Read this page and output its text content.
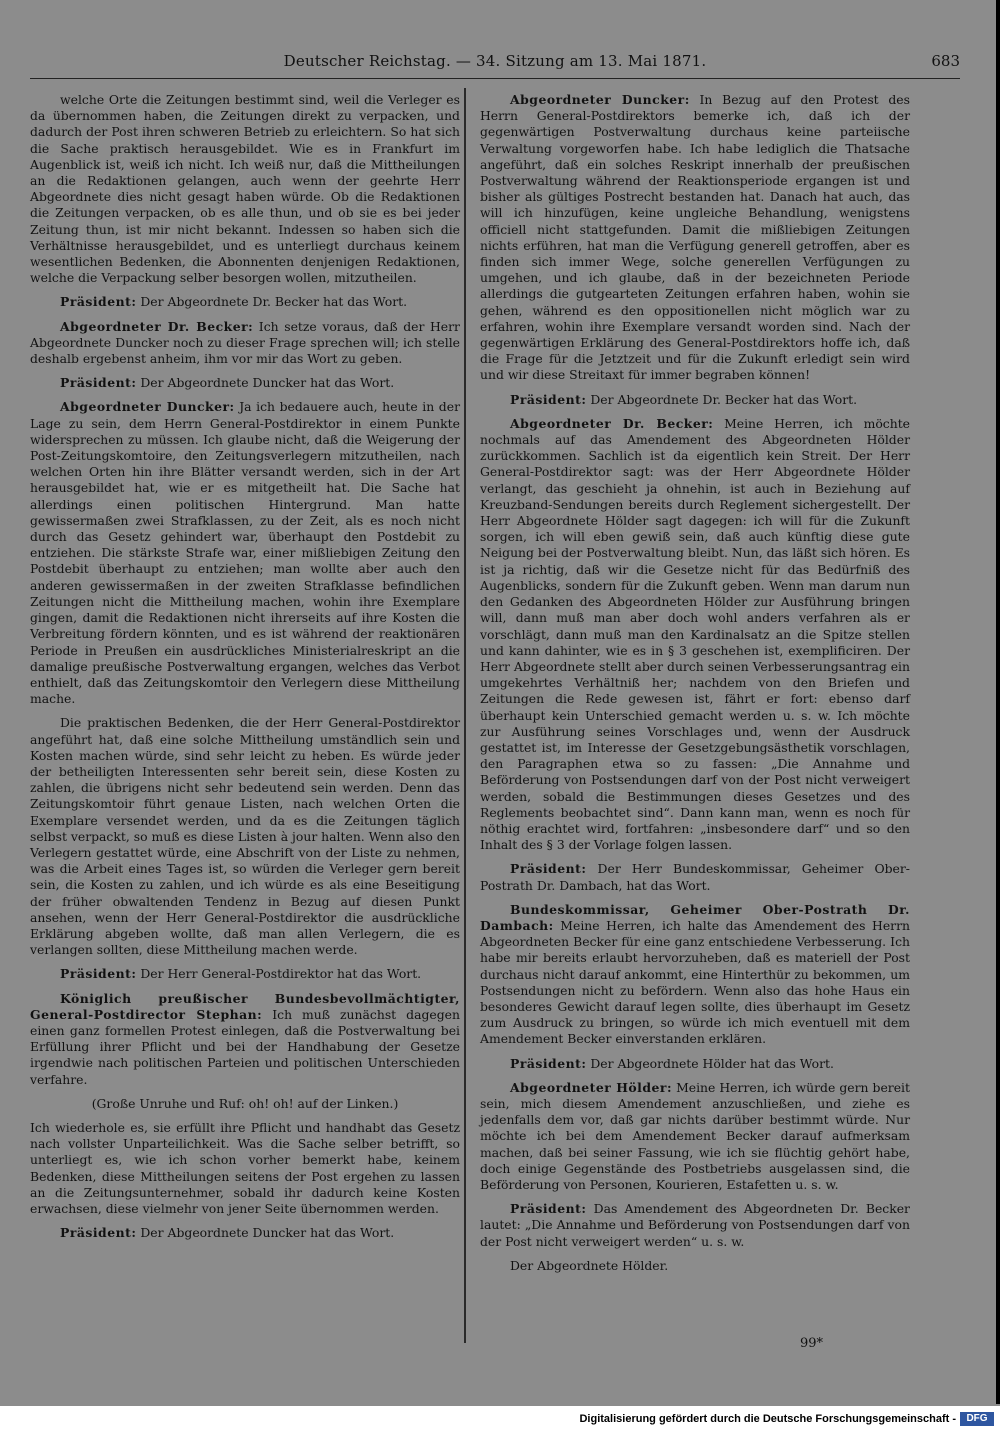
Deutscher Reichstag. — 34. Sitzung am 13. Mai 1871.	683

welche Orte die Zeitungen bestimmt sind, weil die Verleger es da übernommen haben, die Zeitungen direkt zu verpacken, und dadurch der Post ihren schweren Betrieb zu erleichtern. So hat sich die Sache praktisch herausgebildet. Wie es in Frankfurt im Augenblick ist, weiß ich nicht. Ich weiß nur, daß die Mittheilungen an die Redaktionen gelangen, auch wenn der geehrte Herr Abgeordnete dies nicht gesagt haben würde. Ob die Redaktionen die Zeitungen verpacken, ob es alle thun, und ob sie es bei jeder Zeitung thun, ist mir nicht bekannt. Indessen so haben sich die Verhältnisse herausgebildet, und es unterliegt durchaus keinem wesentlichen Bedenken, die Abonnenten denjenigen Redaktionen, welche die Verpackung selber besorgen wollen, mitzutheilen.

Präsident: Der Abgeordnete Dr. Becker hat das Wort.

Abgeordneter Dr. Becker: Ich setze voraus, daß der Herr Abgeordnete Duncker noch zu dieser Frage sprechen will; ich stelle deshalb ergebenst anheim, ihm vor mir das Wort zu geben.

Präsident: Der Abgeordnete Duncker hat das Wort.

Abgeordneter Duncker: Ja ich bedauere auch, heute in der Lage zu sein, dem Herrn General-Postdirektor in einem Punkte widersprechen zu müssen. Ich glaube nicht, daß die Weigerung der Post-Zeitungskomtoire, den Zeitungsverlegern mitzutheilen, nach welchen Orten hin ihre Blätter versandt werden, sich in der Art herausgebildet hat, wie er es mitgetheilt hat. Die Sache hat allerdings einen politischen Hintergrund. Man hatte gewissermaßen zwei Strafklassen, zu der Zeit, als es noch nicht durch das Gesetz gehindert war, überhaupt den Postdebit zu entziehen. Die stärkste Strafe war, einer mißliebigen Zeitung den Postdebit überhaupt zu entziehen; man wollte aber auch den anderen gewissermaßen in der zweiten Strafklasse befindlichen Zeitungen nicht die Mittheilung machen, wohin ihre Exemplare gingen, damit die Redaktionen nicht ihrerseits auf ihre Kosten die Verbreitung fördern könnten, und es ist während der reaktionären Periode in Preußen ein ausdrückliches Ministerialreskript an die damalige preußische Postverwaltung ergangen, welches das Verbot enthielt, daß das Zeitungskomtoir den Verlegern diese Mittheilung mache.

Die praktischen Bedenken, die der Herr General-Postdirektor angeführt hat, daß eine solche Mittheilung umständlich sein und Kosten machen würde, sind sehr leicht zu heben. Es würde jeder der betheiligten Interessenten sehr bereit sein, diese Kosten zu zahlen, die übrigens nicht sehr bedeutend sein werden. Denn das Zeitungskomtoir führt genaue Listen, nach welchen Orten die Exemplare versendet werden, und da es die Zeitungen täglich selbst verpackt, so muß es diese Listen à jour halten. Wenn also den Verlegern gestattet würde, eine Abschrift von der Liste zu nehmen, was die Arbeit eines Tages ist, so würden die Verleger gern bereit sein, die Kosten zu zahlen, und ich würde es als eine Beseitigung der früher obwaltenden Tendenz in Bezug auf diesen Punkt ansehen, wenn der Herr General-Postdirektor die ausdrückliche Erklärung abgeben wollte, daß man allen Verlegern, die es verlangen sollten, diese Mittheilung machen werde.

Präsident: Der Herr General-Postdirektor hat das Wort.

Königlich preußischer Bundesbevollmächtigter, General-Postdirector Stephan: Ich muß zunächst dagegen einen ganz formellen Protest einlegen, daß die Postverwaltung bei Erfüllung ihrer Pflicht und bei der Handhabung der Gesetze irgendwie nach politischen Parteien und politischen Unterschieden verfahre.

(Große Unruhe und Ruf: oh! oh! auf der Linken.)

Ich wiederhole es, sie erfüllt ihre Pflicht und handhabt das Gesetz nach vollster Unparteilichkeit. Was die Sache selber betrifft, so unterliegt es, wie ich schon vorher bemerkt habe, keinem Bedenken, diese Mittheilungen seitens der Post ergehen zu lassen an die Zeitungsunternehmer, sobald ihr dadurch keine Kosten erwachsen, diese vielmehr von jener Seite übernommen werden.

Präsident: Der Abgeordnete Duncker hat das Wort.

Abgeordneter Duncker: In Bezug auf den Protest des Herrn General-Postdirektors bemerke ich, daß ich der gegenwärtigen Postverwaltung durchaus keine parteiische Verwaltung vorgeworfen habe. Ich habe lediglich die Thatsache angeführt, daß ein solches Reskript innerhalb der preußischen Postverwaltung während der Reaktionsperiode ergangen ist und bisher als gültiges Postrecht bestanden hat. Danach hat auch, das will ich hinzufügen, keine ungleiche Behandlung, wenigstens officiell nicht stattgefunden. Damit die mißliebigen Zeitungen nichts erführen, hat man die Verfügung generell getroffen, aber es finden sich immer Wege, solche generellen Verfügungen zu umgehen, und ich glaube, daß in der bezeichneten Periode allerdings die gutgearteten Zeitungen erfahren haben, wohin sie gehen, während es den oppositionellen nicht möglich war zu erfahren, wohin ihre Exemplare versandt worden sind. Nach der gegenwärtigen Erklärung des General-Postdirektors hoffe ich, daß die Frage für die Jetztzeit und für die Zukunft erledigt sein wird und wir diese Streitaxt für immer begraben können!

Präsident: Der Abgeordnete Dr. Becker hat das Wort.

Abgeordneter Dr. Becker: Meine Herren, ich möchte nochmals auf das Amendement des Abgeordneten Hölder zurückkommen. Sachlich ist da eigentlich kein Streit. Der Herr General-Postdirektor sagt: was der Herr Abgeordnete Hölder verlangt, das geschieht ja ohnehin, ist auch in Beziehung auf Kreuzband-Sendungen bereits durch Reglement sichergestellt. Der Herr Abgeordnete Hölder sagt dagegen: ich will für die Zukunft sorgen, ich will eben gewiß sein, daß auch künftig diese gute Neigung bei der Postverwaltung bleibt. Nun, das läßt sich hören. Es ist ja richtig, daß wir die Gesetze nicht für das Bedürfniß des Augenblicks, sondern für die Zukunft geben. Wenn man darum nun den Gedanken des Abgeordneten Hölder zur Ausführung bringen will, dann muß man aber doch wohl anders verfahren als er vorschlägt, dann muß man den Kardinalsatz an die Spitze stellen und kann dahinter, wie es in § 3 geschehen ist, exemplificiren. Der Herr Abgeordnete stellt aber durch seinen Verbesserungsantrag ein umgekehrtes Verhältniß her; nachdem von den Briefen und Zeitungen die Rede gewesen ist, fährt er fort: ebenso darf überhaupt kein Unterschied gemacht werden u. s. w. Ich möchte zur Ausführung seines Vorschlages und, wenn der Ausdruck gestattet ist, im Interesse der Gesetzgebungsästhetik vorschlagen, den Paragraphen etwa so zu fassen: „Die Annahme und Beförderung von Postsendungen darf von der Post nicht verweigert werden, sobald die Bestimmungen dieses Gesetzes und des Reglements beobachtet sind“. Dann kann man, wenn es noch für nöthig erachtet wird, fortfahren: „insbesondere darf“ und so den Inhalt des § 3 der Vorlage folgen lassen.

Präsident: Der Herr Bundeskommissar, Geheimer Ober-Postrath Dr. Dambach, hat das Wort.

Bundeskommissar, Geheimer Ober-Postrath Dr. Dambach: Meine Herren, ich halte das Amendement des Herrn Abgeordneten Becker für eine ganz entschiedene Verbesserung. Ich habe mir bereits erlaubt hervorzuheben, daß es materiell der Post durchaus nicht darauf ankommt, eine Hinterthür zu bekommen, um Postsendungen nicht zu befördern. Wenn also das hohe Haus ein besonderes Gewicht darauf legen sollte, dies überhaupt im Gesetz zum Ausdruck zu bringen, so würde ich mich eventuell mit dem Amendement Becker einverstanden erklären.

Präsident: Der Abgeordnete Hölder hat das Wort.

Abgeordneter Hölder: Meine Herren, ich würde gern bereit sein, mich diesem Amendement anzuschließen, und ziehe es jedenfalls dem vor, daß gar nichts darüber bestimmt würde. Nur möchte ich bei dem Amendement Becker darauf aufmerksam machen, daß bei seiner Fassung, wie ich sie flüchtig gehört habe, doch einige Gegenstände des Postbetriebs ausgelassen sind, die Beförderung von Personen, Kourieren, Estafetten u. s. w.

Präsident: Das Amendement des Abgeordneten Dr. Becker lautet: „Die Annahme und Beförderung von Postsendungen darf von der Post nicht verweigert werden“ u. s. w.

Der Abgeordnete Hölder.

99*
Digitalisierung gefördert durch die Deutsche Forschungsgemeinschaft -	DFG
